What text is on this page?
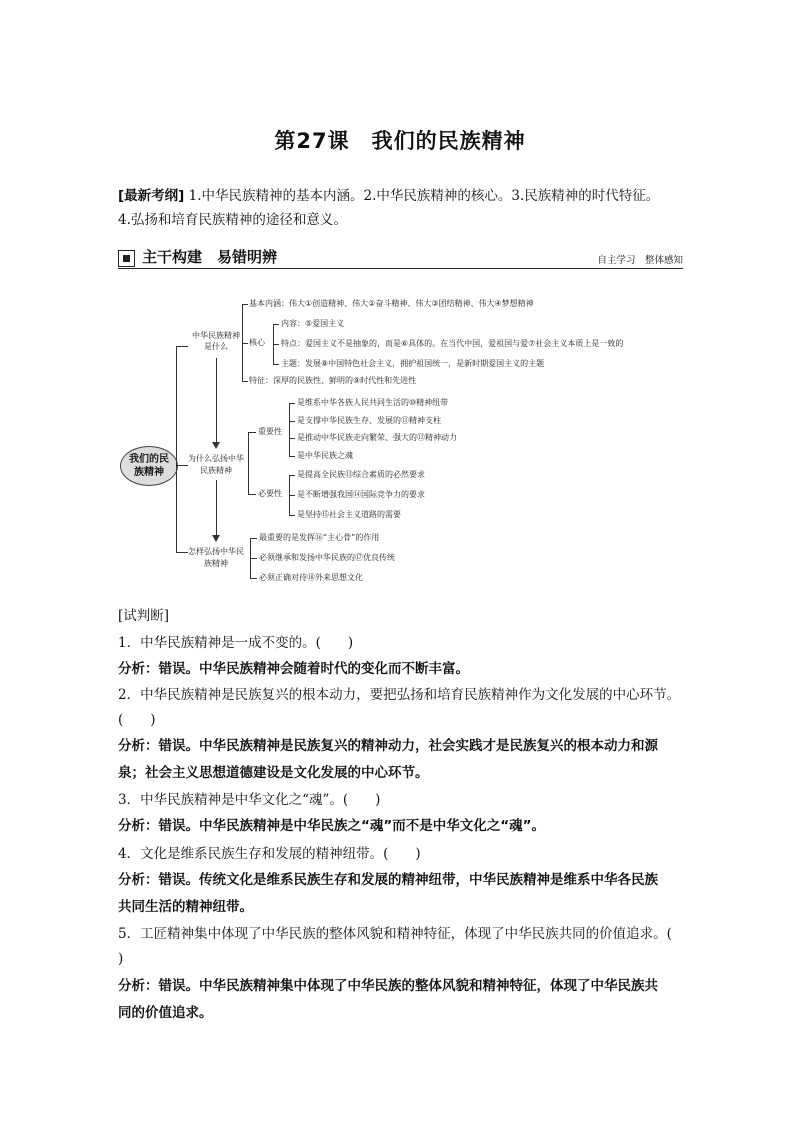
第27课　我们的民族精神
[最新考纲] 1.中华民族精神的基本内涵。2.中华民族精神的核心。3.民族精神的时代特征。
4.弘扬和培育民族精神的途径和意义。
主干构建　易错明辨	自主学习　整体感知
我们的民族精神
中华民族精神是什么
基本内涵：伟大①创造精神、伟大②奋斗精神、伟大③团结精神、伟大④梦想精神
核心
内容：⑤爱国主义
特点：爱国主义不是抽象的，而是⑥具体的。在当代中国，爱祖国与爱⑦社会主义本质上是一致的
主题：发展⑧中国特色社会主义，拥护祖国统一，是新时期爱国主义的主题
特征：深厚的民族性、鲜明的⑨时代性和先进性
为什么弘扬中华民族精神
重要性
是维系中华各族人民共同生活的⑩精神纽带
是支撑中华民族生存、发展的⑪精神支柱
是推动中华民族走向繁荣、强大的⑫精神动力
是中华民族之魂
必要性
是提高全民族⑬综合素质的必然要求
是不断增强我国⑭国际竞争力的要求
是坚持⑮社会主义道路的需要
怎样弘扬中华民族精神
最重要的是发挥⑯“主心骨”的作用
必须继承和发扬中华民族的⑰优良传统
必须正确对待⑱外来思想文化
[试判断]
1．中华民族精神是一成不变的。(　　)
分析：错误。中华民族精神会随着时代的变化而不断丰富。
2．中华民族精神是民族复兴的根本动力，要把弘扬和培育民族精神作为文化发展的中心环节。
(　　)
分析：错误。中华民族精神是民族复兴的精神动力，社会实践才是民族复兴的根本动力和源
泉；社会主义思想道德建设是文化发展的中心环节。
3．中华民族精神是中华文化之“魂”。(　　)
分析：错误。中华民族精神是中华民族之“魂”而不是中华文化之“魂”。
4．文化是维系民族生存和发展的精神纽带。(　　)
分析：错误。传统文化是维系民族生存和发展的精神纽带，中华民族精神是维系中华各民族
共同生活的精神纽带。
5．工匠精神集中体现了中华民族的整体风貌和精神特征，体现了中华民族共同的价值追求。(
)
分析：错误。中华民族精神集中体现了中华民族的整体风貌和精神特征，体现了中华民族共
同的价值追求。
